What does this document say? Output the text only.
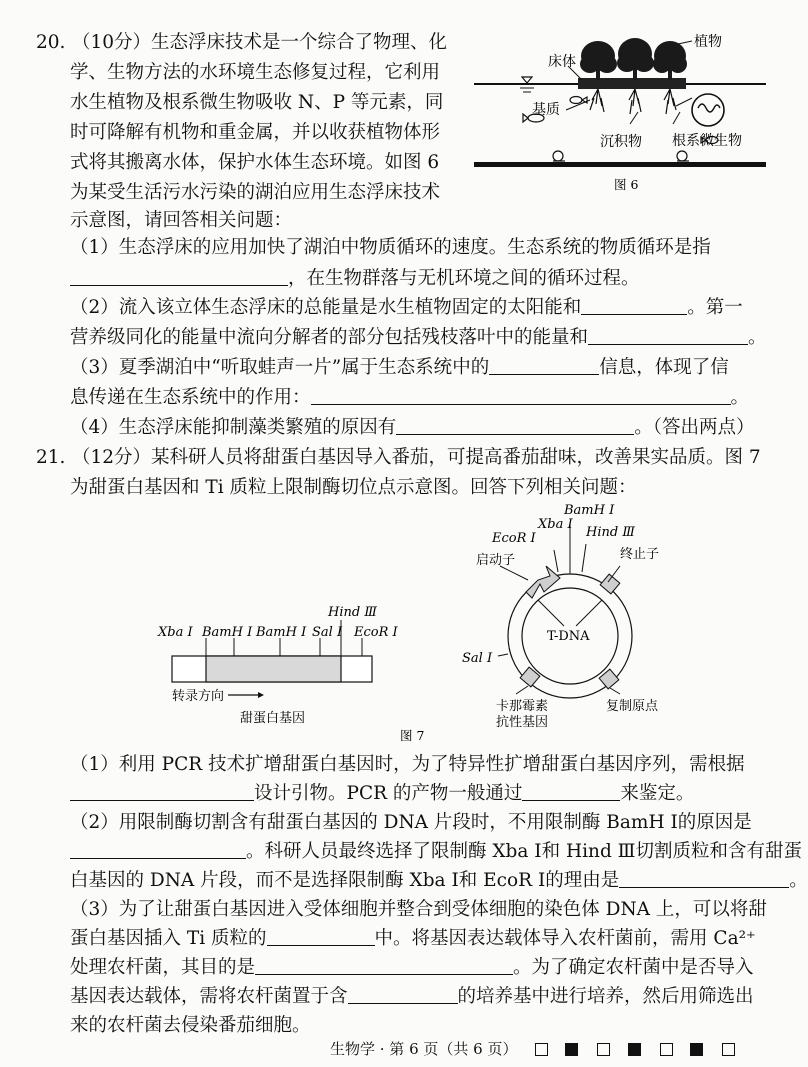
20. （10分）生态浮床技术是一个综合了物理、化
学、生物方法的水环境生态修复过程，它利用
水生植物及根系微生物吸收 N、P 等元素，同
时可降解有机物和重金属，并以收获植物体形
式将其搬离水体，保护水体生态环境。如图 6
为某受生活污水污染的湖泊应用生态浮床技术
示意图，请回答相关问题：
植物
床体
基质
沉积物 根系微生物
图 6
（1）生态浮床的应用加快了湖泊中物质循环的速度。生态系统的物质循环是指
，在生物群落与无机环境之间的循环过程。
（2）流入该立体生态浮床的总能量是水生植物固定的太阳能和	。第一
营养级同化的能量中流向分解者的部分包括残枝落叶中的能量和	。
（3）夏季湖泊中“听取蛙声一片”属于生态系统中的	信息，体现了信
息传递在生态系统中的作用：	。
（4）生态浮床能抑制藻类繁殖的原因有	。（答出两点）
21. （12分）某科研人员将甜蛋白基因导入番茄，可提高番茄甜味，改善果实品质。图 7
为甜蛋白基因和 Ti 质粒上限制酶切位点示意图。回答下列相关问题：
Xba Ⅰ BamH Ⅰ BamH Ⅰ
Hind Ⅲ
Sal Ⅰ EcoR Ⅰ
转录方向
甜蛋白基因
BamH Ⅰ
EcoR Ⅰ
Xba Ⅰ
Hind Ⅲ
启动子	终止子
T-DNA
Sal Ⅰ
卡那霉素
抗性基因
复制原点
图 7
（1）利用 PCR 技术扩增甜蛋白基因时，为了特异性扩增甜蛋白基因序列，需根据
设计引物。PCR 的产物一般通过	来鉴定。
（2）用限制酶切割含有甜蛋白基因的 DNA 片段时，不用限制酶 BamH Ⅰ的原因是
。科研人员最终选择了限制酶 Xba Ⅰ和 Hind Ⅲ切割质粒和含有甜蛋
白基因的 DNA 片段，而不是选择限制酶 Xba Ⅰ和 EcoR Ⅰ的理由是	。
（3）为了让甜蛋白基因进入受体细胞并整合到受体细胞的染色体 DNA 上，可以将甜
蛋白基因插入 Ti 质粒的	中。将基因表达载体导入农杆菌前，需用 Ca²⁺
处理农杆菌，其目的是	。为了确定农杆菌中是否导入
基因表达载体，需将农杆菌置于含	的培养基中进行培养，然后用筛选出
来的农杆菌去侵染番茄细胞。
生物学 · 第 6 页（共 6 页）
